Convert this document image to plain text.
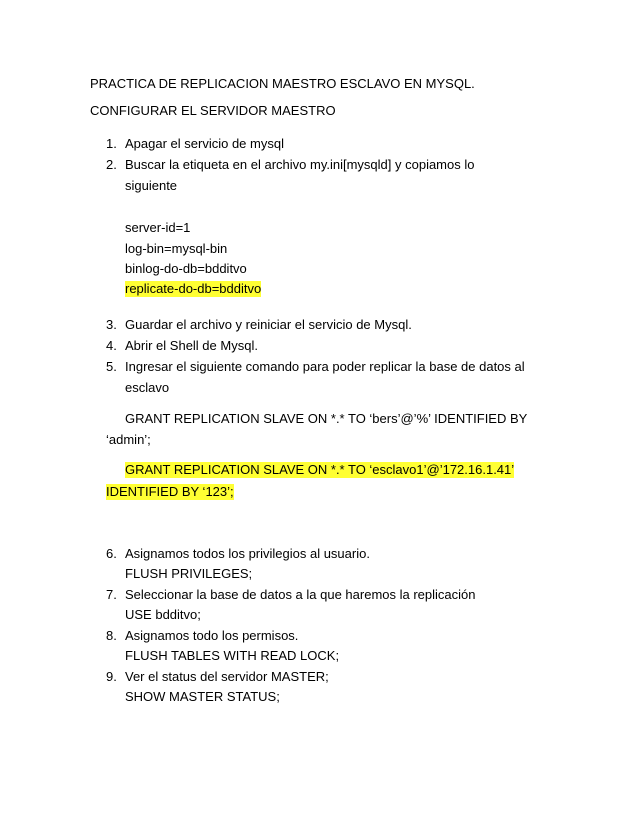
PRACTICA DE REPLICACION MAESTRO ESCLAVO EN MYSQL.
CONFIGURAR EL SERVIDOR MAESTRO
1. Apagar el servicio de mysql
2. Buscar la etiqueta en el archivo my.ini[mysqld] y copiamos lo
siguiente
server-id=1
log-bin=mysql-bin
binlog-do-db=bdditvo
replicate-do-db=bdditvo
3. Guardar el archivo y reiniciar el servicio de Mysql.
4. Abrir el Shell de Mysql.
5. Ingresar el siguiente comando para poder replicar la base de datos al
esclavo
GRANT REPLICATION SLAVE ON *.* TO ‘bers’@’%’ IDENTIFIED BY
‘admin’;
GRANT REPLICATION SLAVE ON *.* TO ‘esclavo1’@’172.16.1.41’
IDENTIFIED BY ‘123’;
6. Asignamos todos los privilegios al usuario.
FLUSH PRIVILEGES;
7. Seleccionar la base de datos a la que haremos la replicación
USE bdditvo;
8. Asignamos todo los permisos.
FLUSH TABLES WITH READ LOCK;
9. Ver el status del servidor MASTER;
SHOW MASTER STATUS;
